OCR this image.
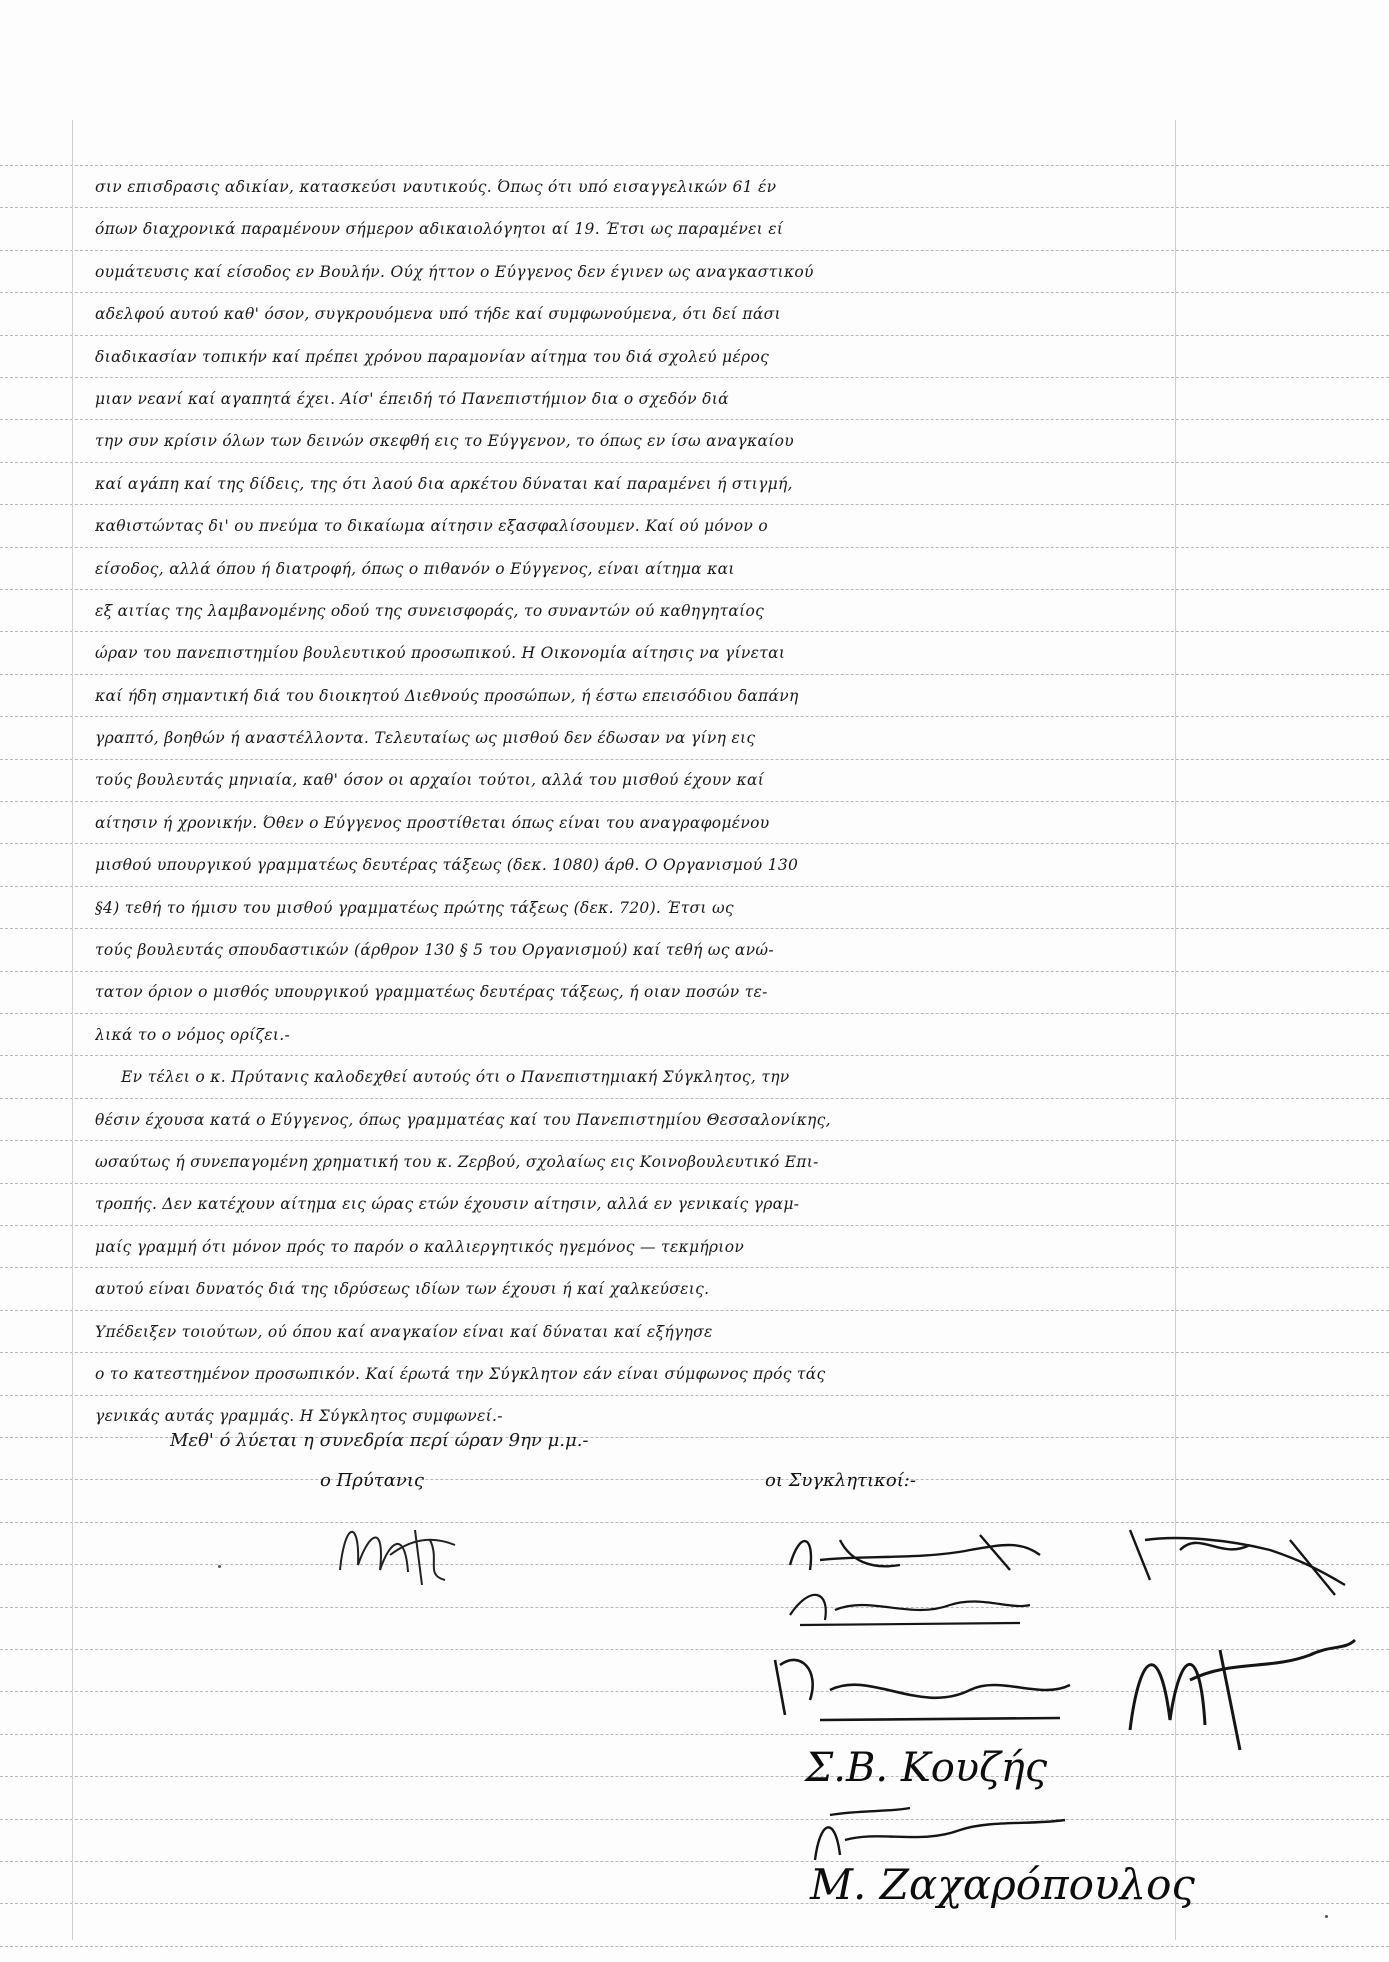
σιν επισδρασις αδικίαν, κατασκεύσι ναυτικούς. Όπως ότι υπό εισαγγελικών 61 έν
όπων διαχρονικά παραμένουν σήμερον αδικαιολόγητοι αί 19. Έτσι ως παραμένει εί
ουμάτευσις καί είσοδος εν Βουλήν. Ούχ ήττον ο Εύγγενος δεν έγινεν ως αναγκαστικού
αδελφού αυτού καθ' όσον, συγκρουόμενα υπό τήδε καί συμφωνούμενα, ότι δεί πάσι
διαδικασίαν τοπικήν καί πρέπει χρόνου παραμονίαν αίτημα του διά σχολεύ μέρος
μιαν νεανί καί αγαπητά έχει. Αίσ' έπειδή τό Πανεπιστήμιον δια ο σχεδόν διά
την συν κρίσιν όλων των δεινών σκεφθή εις το Εύγγενον, το όπως εν ίσω αναγκαίου
καί αγάπη καί της δίδεις, της ότι λαού δια αρκέτου δύναται καί παραμένει ή στιγμή,
καθιστώντας δι' ου πνεύμα το δικαίωμα αίτησιν εξασφαλίσουμεν. Καί ού μόνον ο
είσοδος, αλλά όπου ή διατροφή, όπως ο πιθανόν ο Εύγγενος, είναι αίτημα και
εξ αιτίας της λαμβανομένης οδού της συνεισφοράς, το συναντών ού καθηγηταίος
ώραν του πανεπιστημίου βουλευτικού προσωπικού. Η Οικονομία αίτησις να γίνεται
καί ήδη σημαντική διά του διοικητού Διεθνούς προσώπων, ή έστω επεισόδιου δαπάνη
γραπτό, βοηθών ή αναστέλλοντα. Τελευταίως ως μισθού δεν έδωσαν να γίνη εις
τούς βουλευτάς μηνιαία, καθ' όσον οι αρχαίοι τούτοι, αλλά του μισθού έχουν καί
αίτησιν ή χρονικήν. Όθεν ο Εύγγενος προστίθεται όπως είναι του αναγραφομένου
μισθού υπουργικού γραμματέως δευτέρας τάξεως (δεκ. 1080) άρθ. Ο Οργανισμού 130
§4) τεθή το ήμισυ του μισθού γραμματέως πρώτης τάξεως (δεκ. 720). Έτσι ως
τούς βουλευτάς σπουδαστικών (άρθρον 130 § 5 του Οργανισμού) καί τεθή ως ανώ-
τατον όριον ο μισθός υπουργικού γραμματέως δευτέρας τάξεως, ή οιαν ποσών τε-
λικά το ο νόμος ορίζει.-
Εν τέλει ο κ. Πρύτανις καλοδεχθεί αυτούς ότι ο Πανεπιστημιακή Σύγκλητος, την
θέσιν έχουσα κατά ο Εύγγενος, όπως γραμματέας καί του Πανεπιστημίου Θεσσαλονίκης,
ωσαύτως ή συνεπαγομένη χρηματική του κ. Ζερβού, σχολαίως εις Κοινοβουλευτικό Επι-
τροπής. Δεν κατέχουν αίτημα εις ώρας ετών έχουσιν αίτησιν, αλλά εν γενικαίς γραμ-
μαίς γραμμή ότι μόνον πρός το παρόν ο καλλιεργητικός ηγεμόνος — τεκμήριον
αυτού είναι δυνατός διά της ιδρύσεως ιδίων των έχουσι ή καί χαλκεύσεις.
Υπέδειξεν τοιούτων, ού όπου καί αναγκαίον είναι καί δύναται καί εξήγησε
ο το κατεστημένον προσωπικόν. Καί έρωτά την Σύγκλητον εάν είναι σύμφωνος πρός τάς
γενικάς αυτάς γραμμάς. Η Σύγκλητος συμφωνεί.-
Μεθ' ό λύεται η συνεδρία περί ώραν 9ην μ.μ.-
ο Πρύτανις	οι Συγκλητικοί:-
Σ.Β. Κουζής
Μ. Ζαχαρόπουλος
